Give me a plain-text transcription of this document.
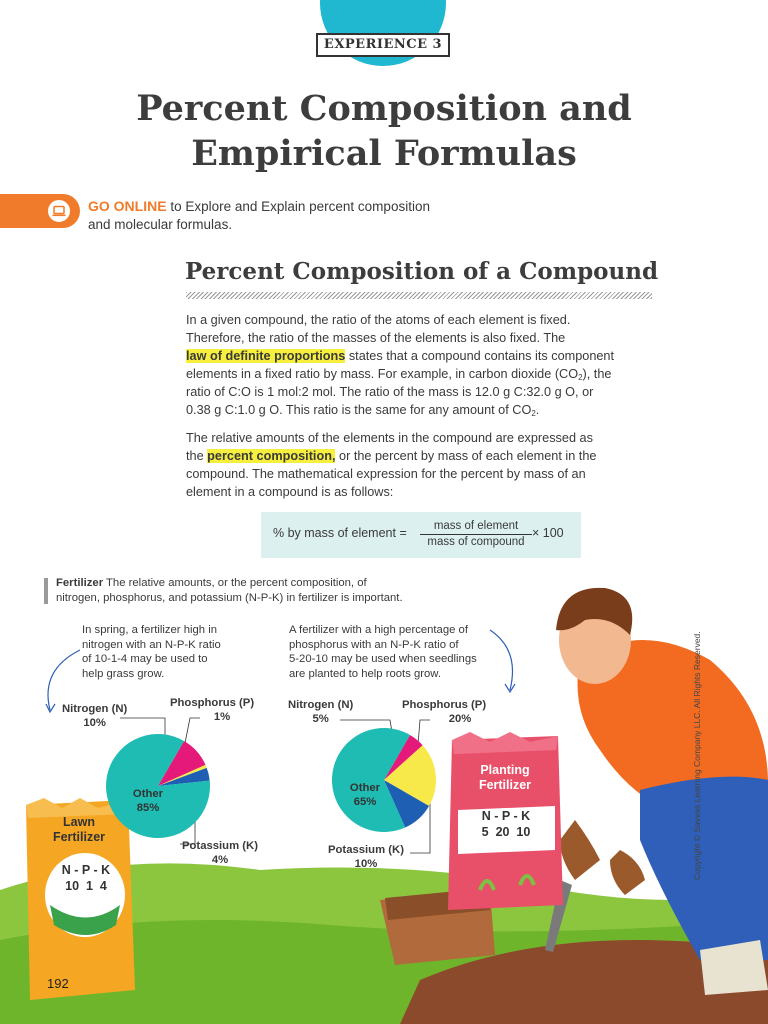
EXPERIENCE 3
Percent Composition and
Empirical Formulas
GO ONLINE to Explore and Explain percent composition
and molecular formulas.
Percent Composition of a Compound
In a given compound, the ratio of the atoms of each element is fixed.
Therefore, the ratio of the masses of the elements is also fixed. The
law of definite proportions states that a compound contains its component
elements in a fixed ratio by mass. For example, in carbon dioxide $(CO_2)$, the
ratio of C:O is 1 mol:2 mol. The ratio of the mass is 12.0 g C:32.0 g O, or
0.38 g C:1.0 g O. This ratio is the same for any amount of $CO_2$.
The relative amounts of the elements in the compound are expressed as
the percent composition, or the percent by mass of each element in the
compound. The mathematical expression for the percent by mass of an
element in a compound is as follows:
% by mass of element =	mass of element
mass of compound
× 100
Copyright © Savvas Learning Company LLC. All Rights Reserved.
Fertilizer The relative amounts, or the percent composition, of
nitrogen, phosphorus, and potassium (N-P-K) in fertilizer is important.
In spring, a fertilizer high in
nitrogen with an N-P-K ratio
of 10-1-4 may be used to
help grass grow.
A fertilizer with a high percentage of
phosphorus with an N-P-K ratio of
5-20-10 may be used when seedlings
are planted to help roots grow.
Nitrogen (N)
10%
Phosphorus (P)
1%
Other
85%
Potassium (K)
4%
Nitrogen (N)
5%
Phosphorus (P)
20%
Other
65%
Potassium (K)
10%
Planting
Fertilizer
N - P - K
5  20  10
Lawn
Fertilizer
N - P - K
10  1  4
192
